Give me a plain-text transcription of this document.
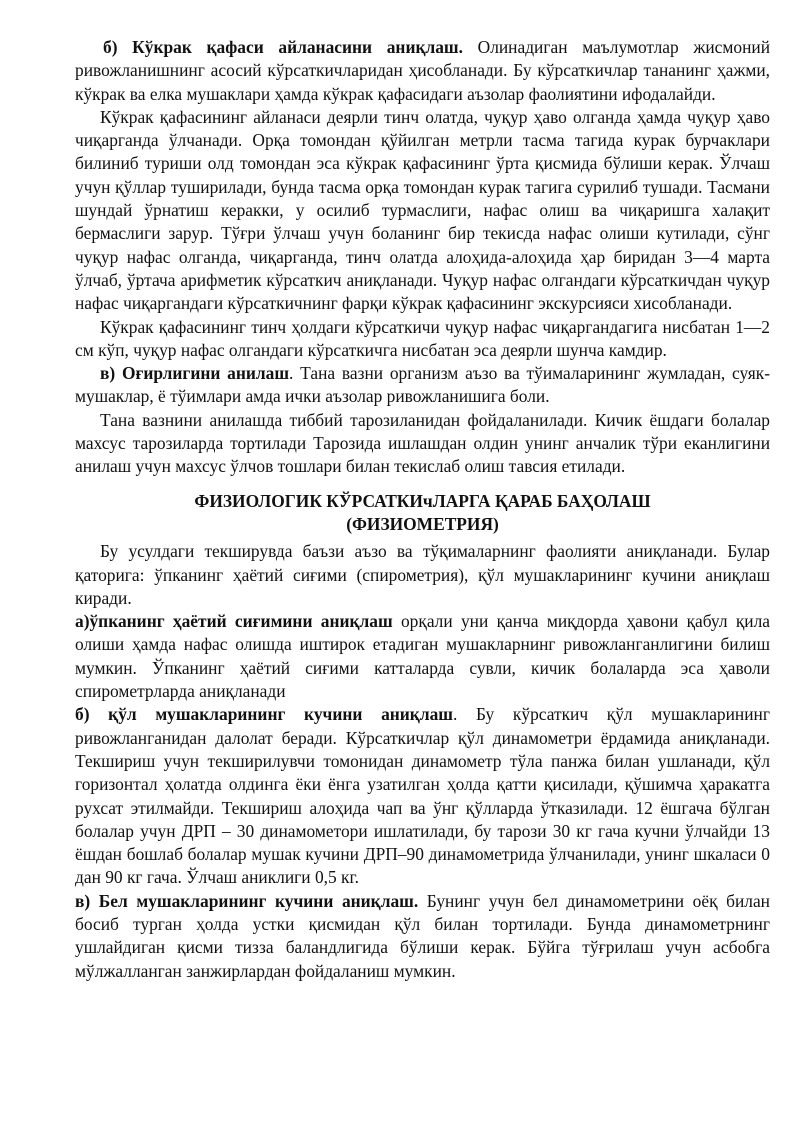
б) Кўкрак қафаси айланасини аниқлаш. Олинадиган маълумотлар жисмоний ривожланишнинг асосий кўрсаткичларидан ҳисобланади. Бу кўрсаткичлар тананинг ҳажми, кўкрак ва елка мушаклари ҳамда кўкрак қафасидаги аъзолар фаолиятини ифодалайди.

Кўкрак қафасининг айланаси деярли тинч олатда, чуқур ҳаво олганда ҳамда чуқур ҳаво чиқарганда ўлчанади. Орқа томондан қўйилган метрли тасма тагида курак бурчаклари билиниб туриши олд томондан эса кўкрак қафасининг ўрта қисмида бўлиши керак. Ўлчаш учун қўллар туширилади, бунда тасма орқа томондан курак тагига сурилиб тушади. Тасмани шундай ўрнатиш керакки, у осилиб турмаслиги, нафас олиш ва чиқаришга халақит бермаслиги зарур. Тўғри ўлчаш учун боланинг бир текисда нафас олиши кутилади, сўнг чуқур нафас олганда, чиқарганда, тинч олатда алоҳида-алоҳида ҳар биридан 3—4 марта ўлчаб, ўртача арифметик кўрсаткич аниқланади. Чуқур нафас олгандаги кўрсаткичдан чуқур нафас чиқаргандаги кўрсаткичнинг фарқи кўкрак қафасининг экскурсияси хисобланади.

Кўкрак қафасининг тинч ҳолдаги кўрсаткичи чуқур нафас чиқаргандагига нисбатан 1—2 см кўп, чуқур нафас олгандаги кўрсаткичга нисбатан эса деярли шунча камдир.

в) Оғирлигини анилаш. Тана вазни организм аъзо ва тўималарининг жумладан, суяк-мушаклар, ё тўимлари амда ички аъзолар ривожланишига боли.

Тана вазнини анилашда тиббий тарозиланидан фойдаланилади. Кичик ёшдаги болалар махсус тарозиларда тортилади Тарозида ишлашдан олдин унинг анчалик тўри еканлигини анилаш учун махсус ўлчов тошлари билан текислаб олиш тавсия етилади.

ФИЗИОЛОГИК КЎРСАТКИчЛАРГА ҚАРАБ БАҲОЛАШ
(ФИЗИОМЕТРИЯ)

Бу усулдаги текширувда баъзи аъзо ва тўқималарнинг фаолияти аниқланади. Булар қаторига: ўпканинг ҳаётий сиғими (спирометрия), қўл мушакларининг кучини аниқлаш киради.

а)ўпканинг ҳаётий сиғимини аниқлаш орқали уни қанча миқдорда ҳавони қабул қила олиши ҳамда нафас олишда иштирок етадиган мушакларнинг ривожланганлигини билиш мумкин. Ўпканинг ҳаётий сиғими катталарда сувли, кичик болаларда эса ҳаволи спирометрларда аниқланади

б) қўл мушакларининг кучини аниқлаш. Бу кўрсаткич қўл мушакларининг ривожланганидан далолат беради. Кўрсаткичлар қўл динамометри ёрдамида аниқланади. Текшириш учун текширилувчи томонидан динамометр тўла панжа билан ушланади, қўл горизонтал ҳолатда олдинга ёки ёнга узатилган ҳолда қатти қисилади, қўшимча ҳаракатга рухсат этилмайди. Текшириш алоҳида чап ва ўнг қўлларда ўтказилади. 12 ёшгача бўлган болалар учун ДРП – 30 динамометори ишлатилади, бу тарози 30 кг гача кучни ўлчайди 13 ёшдан бошлаб болалар мушак кучини ДРП–90 динамометрида ўлчанилади, унинг шкаласи 0 дан 90 кг гача. Ўлчаш аниклиги 0,5 кг.

в) Бел мушакларининг кучини аниқлаш. Бунинг учун бел динамометрини оёқ билан босиб турган ҳолда устки қисмидан қўл билан тортилади. Бунда динамометрнинг ушлайдиган қисми тизза баландлигида бўлиши керак. Бўйга тўғрилаш учун асбобга мўлжалланган занжирлардан фойдаланиш мумкин.
